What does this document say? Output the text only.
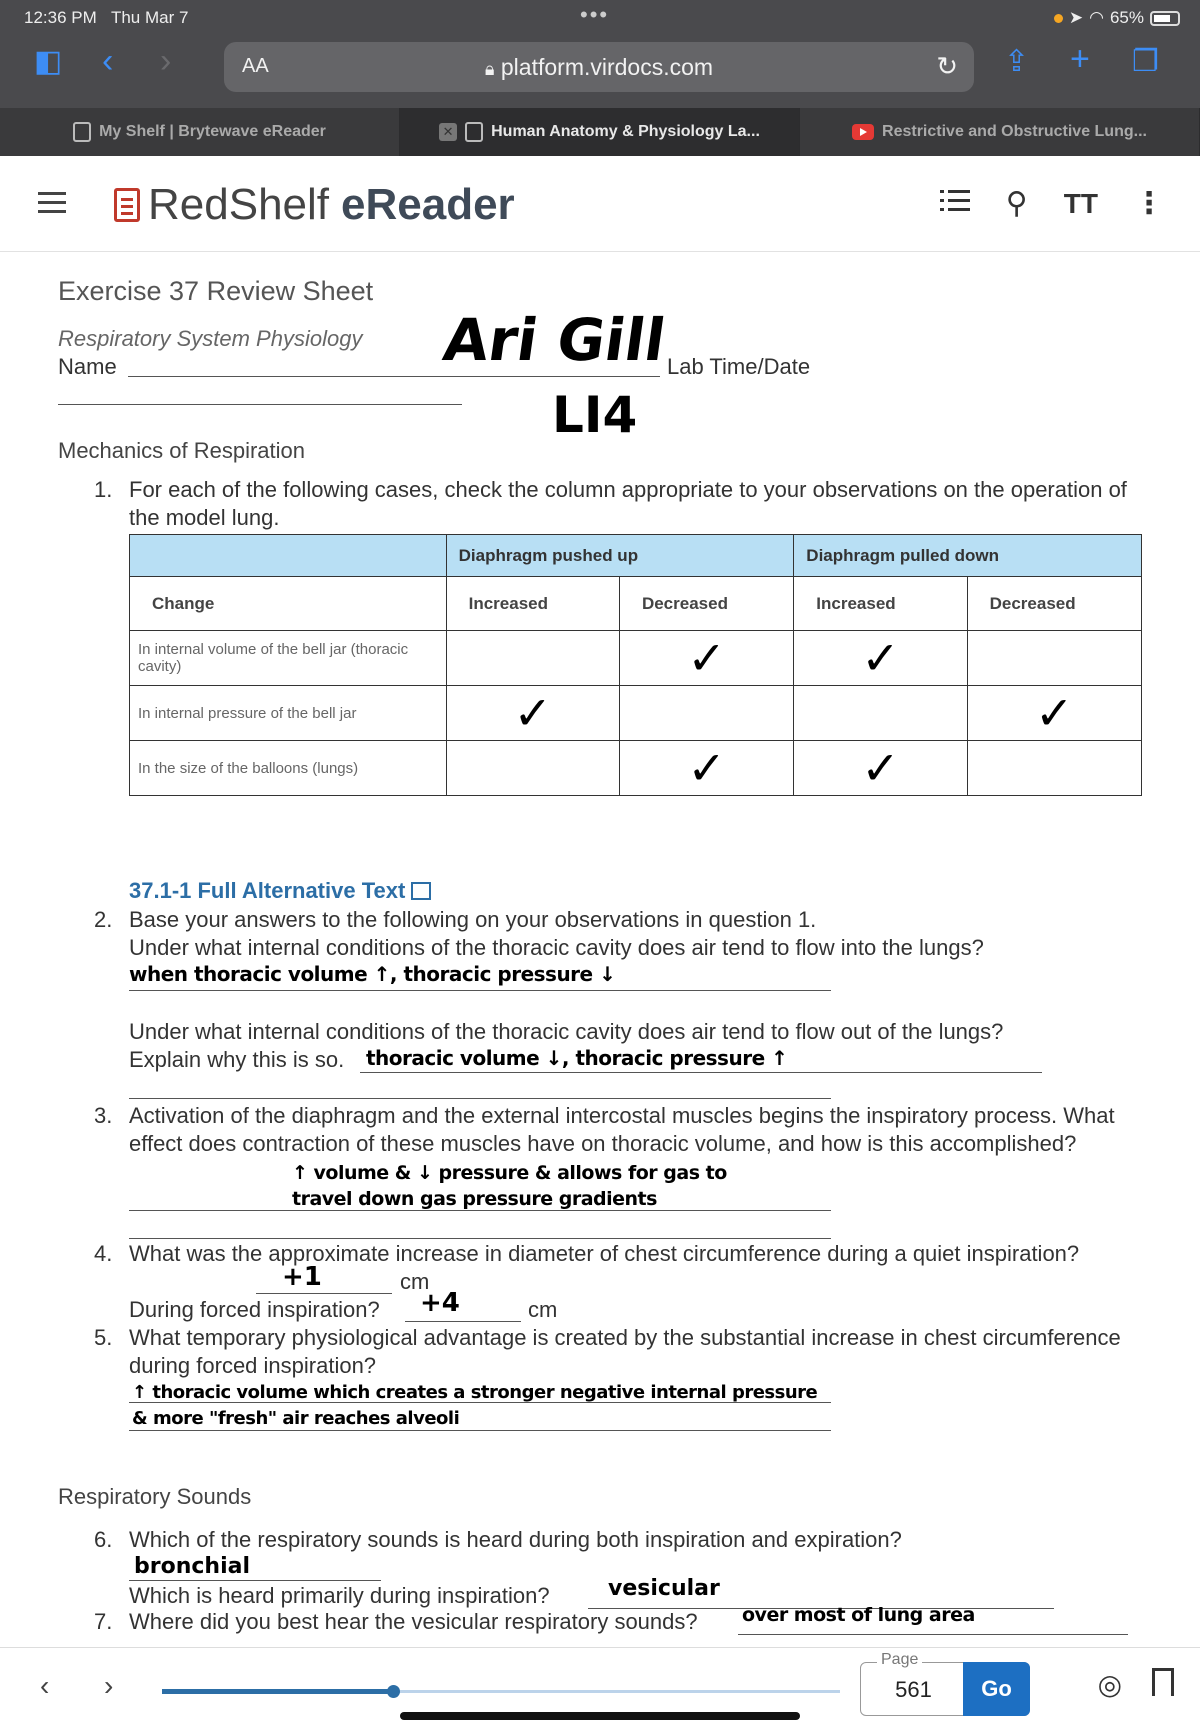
12:36 PM Thu Mar 7	•••	➤ ◠ 65%
◧ ‹ ›	AA	🔒︎ platform.virdocs.com	↻ ⇪ + ❐
My Shelf | Brytewave eReader	✕ Human Anatomy & Physiology La...	Restrictive and Obstructive Lung...
RedShelf eReader	⚲ TT ⋮
Exercise 37 Review Sheet
Respiratory System Physiology
Name	Lab Time/Date
Ari Gill
LI4
Mechanics of Respiration
1. For each of the following cases, check the column appropriate to your observations on the operation of the model lung.
	Diaphragm pushed up		Diaphragm pulled down	
Change	Increased	Decreased	Increased	Decreased
In internal volume of the bell jar (thoracic cavity)		✓	✓	
In internal pressure of the bell jar	✓			✓
In the size of the balloons (lungs)		✓	✓	
37.1-1 Full Alternative Text
2. Base your answers to the following on your observations in question 1.
Under what internal conditions of the thoracic cavity does air tend to flow into the lungs?
when thoracic volume ↑, thoracic pressure ↓
Under what internal conditions of the thoracic cavity does air tend to flow out of the lungs?
Explain why this is so. thoracic volume ↓, thoracic pressure ↑
3. Activation of the diaphragm and the external intercostal muscles begins the inspiratory process. What effect does contraction of these muscles have on thoracic volume, and how is this accomplished?
↑ volume & ↓ pressure & allows for gas to travel down gas pressure gradients
4. What was the approximate increase in diameter of chest circumference during a quiet inspiration?
+1	cm
During forced inspiration? +4	cm
5. What temporary physiological advantage is created by the substantial increase in chest circumference during forced inspiration?
↑ thoracic volume which creates a stronger negative internal pressure & more "fresh" air reaches alveoli
Respiratory Sounds
6. Which of the respiratory sounds is heard during both inspiration and expiration?
bronchial
Which is heard primarily during inspiration?	vesicular
7. Where did you best hear the vesicular respiratory sounds?	over most of lung area
‹ ›
Page
561	Go	◎
